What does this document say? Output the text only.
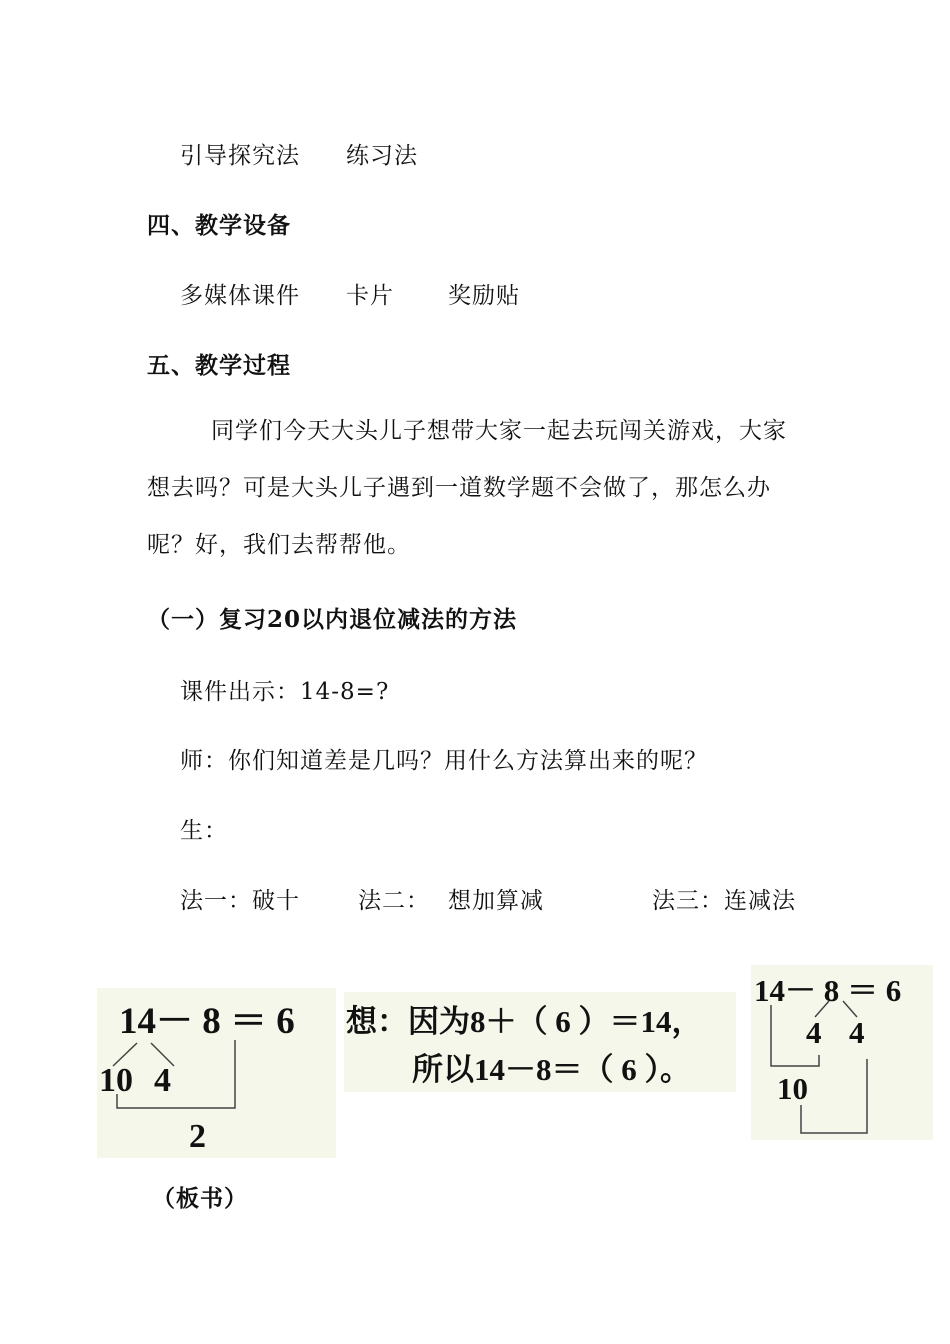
引导探究法 练习法
四、教学设备
多媒体课件 卡片 奖励贴
五、教学过程
同学们今天大头儿子想带大家一起去玩闯关游戏，大家想去吗？可是大头儿子遇到一道数学题不会做了，那怎么办呢？好，我们去帮帮他。
（一）复习20以内退位减法的方法
课件出示：14-8=?
师：你们知道差是几吗？用什么方法算出来的呢？
生：
法一：破十	法二： 想加算减	法三：连减法
14－ 8 ＝ 6
10 4
2
想：因为8＋（ 6 ）＝14，
所以14－8＝（ 6 ）。
14－ 8 ＝ 6
4 4
10
（板书）
